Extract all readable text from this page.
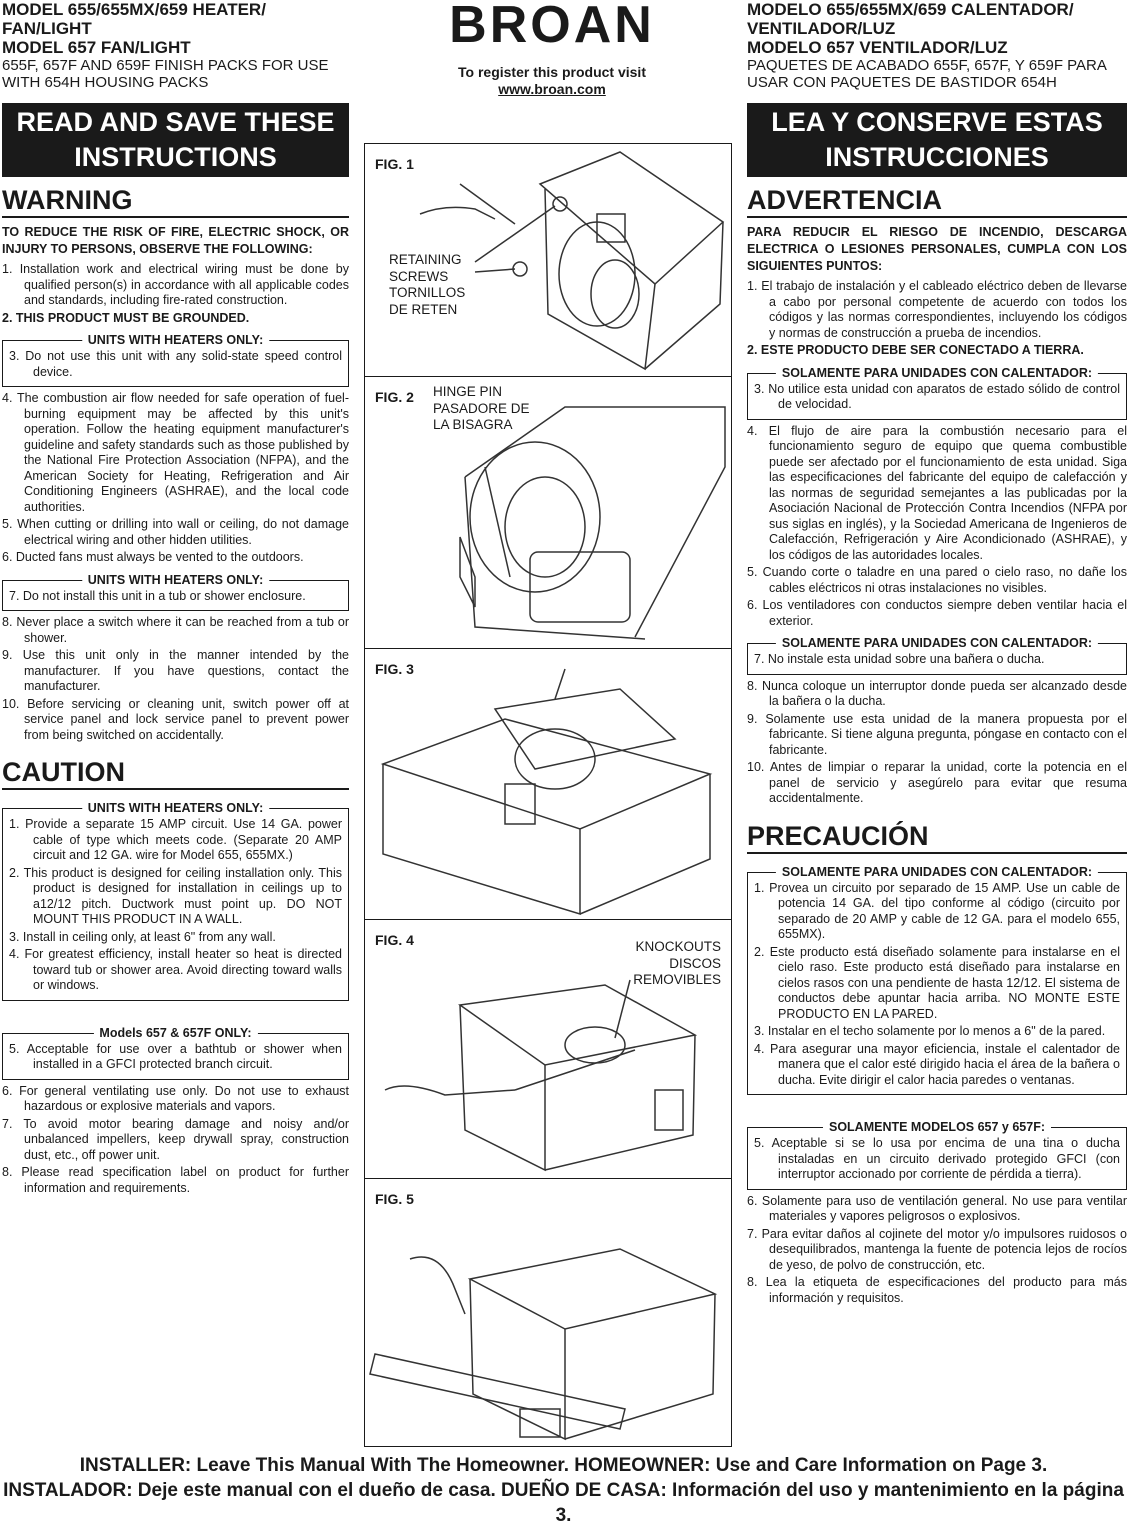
MODEL 655/655MX/659 HEATER/ FAN/LIGHT
MODEL 657 FAN/LIGHT
655F, 657F AND 659F FINISH PACKS FOR USE WITH 654H HOUSING PACKS
READ AND SAVE THESE INSTRUCTIONS
WARNING
TO REDUCE THE RISK OF FIRE, ELECTRIC SHOCK, OR INJURY TO PERSONS, OBSERVE THE FOLLOWING:
1. Installation work and electrical wiring must be done by qualified person(s) in accordance with all applicable codes and standards, including fire-rated construction.
2. THIS PRODUCT MUST BE GROUNDED.
UNITS WITH HEATERS ONLY:
3. Do not use this unit with any solid-state speed control device.
4. The combustion air flow needed for safe operation of fuel-burning equipment may be affected by this unit's operation. Follow the heating equipment manufacturer's guideline and safety standards such as those published by the National Fire Protection Association (NFPA), and the American Society for Heating, Refrigeration and Air Conditioning Engineers (ASHRAE), and the local code authorities.
5. When cutting or drilling into wall or ceiling, do not damage electrical wiring and other hidden utilities.
6. Ducted fans must always be vented to the outdoors.
UNITS WITH HEATERS ONLY:
7. Do not install this unit in a tub or shower enclosure.
8. Never place a switch where it can be reached from a tub or shower.
9. Use this unit only in the manner intended by the manufacturer. If you have questions, contact the manufacturer.
10. Before servicing or cleaning unit, switch power off at service panel and lock service panel to prevent power from being switched on accidentally.
CAUTION
UNITS WITH HEATERS ONLY:
1. Provide a separate 15 AMP circuit. Use 14 GA. power cable of type which meets code. (Separate 20 AMP circuit and 12 GA. wire for Model 655, 655MX.)
2. This product is designed for ceiling installation only. This product is designed for installation in ceilings up to a12/12 pitch. Ductwork must point up. DO NOT MOUNT THIS PRODUCT IN A WALL.
3. Install in ceiling only, at least 6" from any wall.
4. For greatest efficiency, install heater so heat is directed toward tub or shower area. Avoid directing toward walls or windows.
Models 657 & 657F ONLY:
5. Acceptable for use over a bathtub or shower when installed in a GFCI protected branch circuit.
6. For general ventilating use only. Do not use to exhaust hazardous or explosive materials and vapors.
7. To avoid motor bearing damage and noisy and/or unbalanced impellers, keep drywall spray, construction dust, etc., off power unit.
8. Please read specification label on product for further information and requirements.
BROAN
To register this product visit
www.broan.com
FIG. 1
RETAINING
SCREWS
TORNILLOS
DE RETEN
FIG. 2 HINGE PIN
PASADORE DE
LA BISAGRA
FIG. 3
FIG. 4	KNOCKOUTS
DISCOS
REMOVIBLES
FIG. 5
MODELO 655/655MX/659 CALENTADOR/ VENTILADOR/LUZ
MODELO 657 VENTILADOR/LUZ
PAQUETES DE ACABADO 655F, 657F, Y 659F PARA USAR CON PAQUETES DE BASTIDOR 654H
LEA Y CONSERVE ESTAS INSTRUCCIONES
ADVERTENCIA
PARA REDUCIR EL RIESGO DE INCENDIO, DESCARGA ELECTRICA O LESIONES PERSONALES, CUMPLA CON LOS SIGUIENTES PUNTOS:
1. El trabajo de instalación y el cableado eléctrico deben de llevarse a cabo por personal competente de acuerdo con todos los códigos y las normas correspondientes, incluyendo los códigos y normas de construcción a prueba de incendios.
2. ESTE PRODUCTO DEBE SER CONECTADO A TIERRA.
SOLAMENTE PARA UNIDADES CON CALENTADOR:
3. No utilice esta unidad con aparatos de estado sólido de control de velocidad.
4. El flujo de aire para la combustión necesario para el funcionamiento seguro de equipo que quema combustible puede ser afectado por el funcionamiento de esta unidad. Siga las especificaciones del fabricante del equipo de calefacción y las normas de seguridad semejantes a las publicadas por la Asociación Nacional de Protección Contra Incendios (NFPA por sus siglas en inglés), y la Sociedad Americana de Ingenieros de Calefacción, Refrigeración y Aire Acondicionado (ASHRAE), y los códigos de las autoridades locales.
5. Cuando corte o taladre en una pared o cielo raso, no dañe los cables eléctricos ni otras instalaciones no visibles.
6. Los ventiladores con conductos siempre deben ventilar hacia el exterior.
SOLAMENTE PARA UNIDADES CON CALENTADOR:
7. No instale esta unidad sobre una bañera o ducha.
8. Nunca coloque un interruptor donde pueda ser alcanzado desde la bañera o la ducha.
9. Solamente use esta unidad de la manera propuesta por el fabricante. Si tiene alguna pregunta, póngase en contacto con el fabricante.
10. Antes de limpiar o reparar la unidad, corte la potencia en el panel de servicio y asegúrelo para evitar que resuma accidentalmente.
PRECAUCIÓN
SOLAMENTE PARA UNIDADES CON CALENTADOR:
1. Provea un circuito por separado de 15 AMP. Use un cable de potencia 14 GA. del tipo conforme al código (circuito por separado de 20 AMP y cable de 12 GA. para el modelo 655, 655MX).
2. Este producto está diseñado solamente para instalarse en el cielo raso. Este producto está diseñado para instalarse en cielos rasos con una pendiente de hasta 12/12. El sistema de conductos debe apuntar hacia arriba. NO MONTE ESTE PRODUCTO EN LA PARED.
3. Instalar en el techo solamente por lo menos a 6" de la pared.
4. Para asegurar una mayor eficiencia, instale el calentador de manera que el calor esté dirigido hacia el área de la bañera o ducha. Evite dirigir el calor hacia paredes o ventanas.
SOLAMENTE MODELOS 657 y 657F:
5. Aceptable si se lo usa por encima de una tina o ducha instaladas en un circuito derivado protegido GFCI (con interruptor accionado por corriente de pérdida a tierra).
6. Solamente para uso de ventilación general. No use para ventilar materiales y vapores peligrosos o explosivos.
7. Para evitar daños al cojinete del motor y/o impulsores ruidosos o desequilibrados, mantenga la fuente de potencia lejos de rocíos de yeso, de polvo de construcción, etc.
8. Lea la etiqueta de especificaciones del producto para más información y requisitos.
INSTALLER: Leave This Manual With The Homeowner. HOMEOWNER: Use and Care Information on Page 3.
INSTALADOR: Deje este manual con el dueño de casa. DUEÑO DE CASA: Información del uso y mantenimiento en la página 3.
